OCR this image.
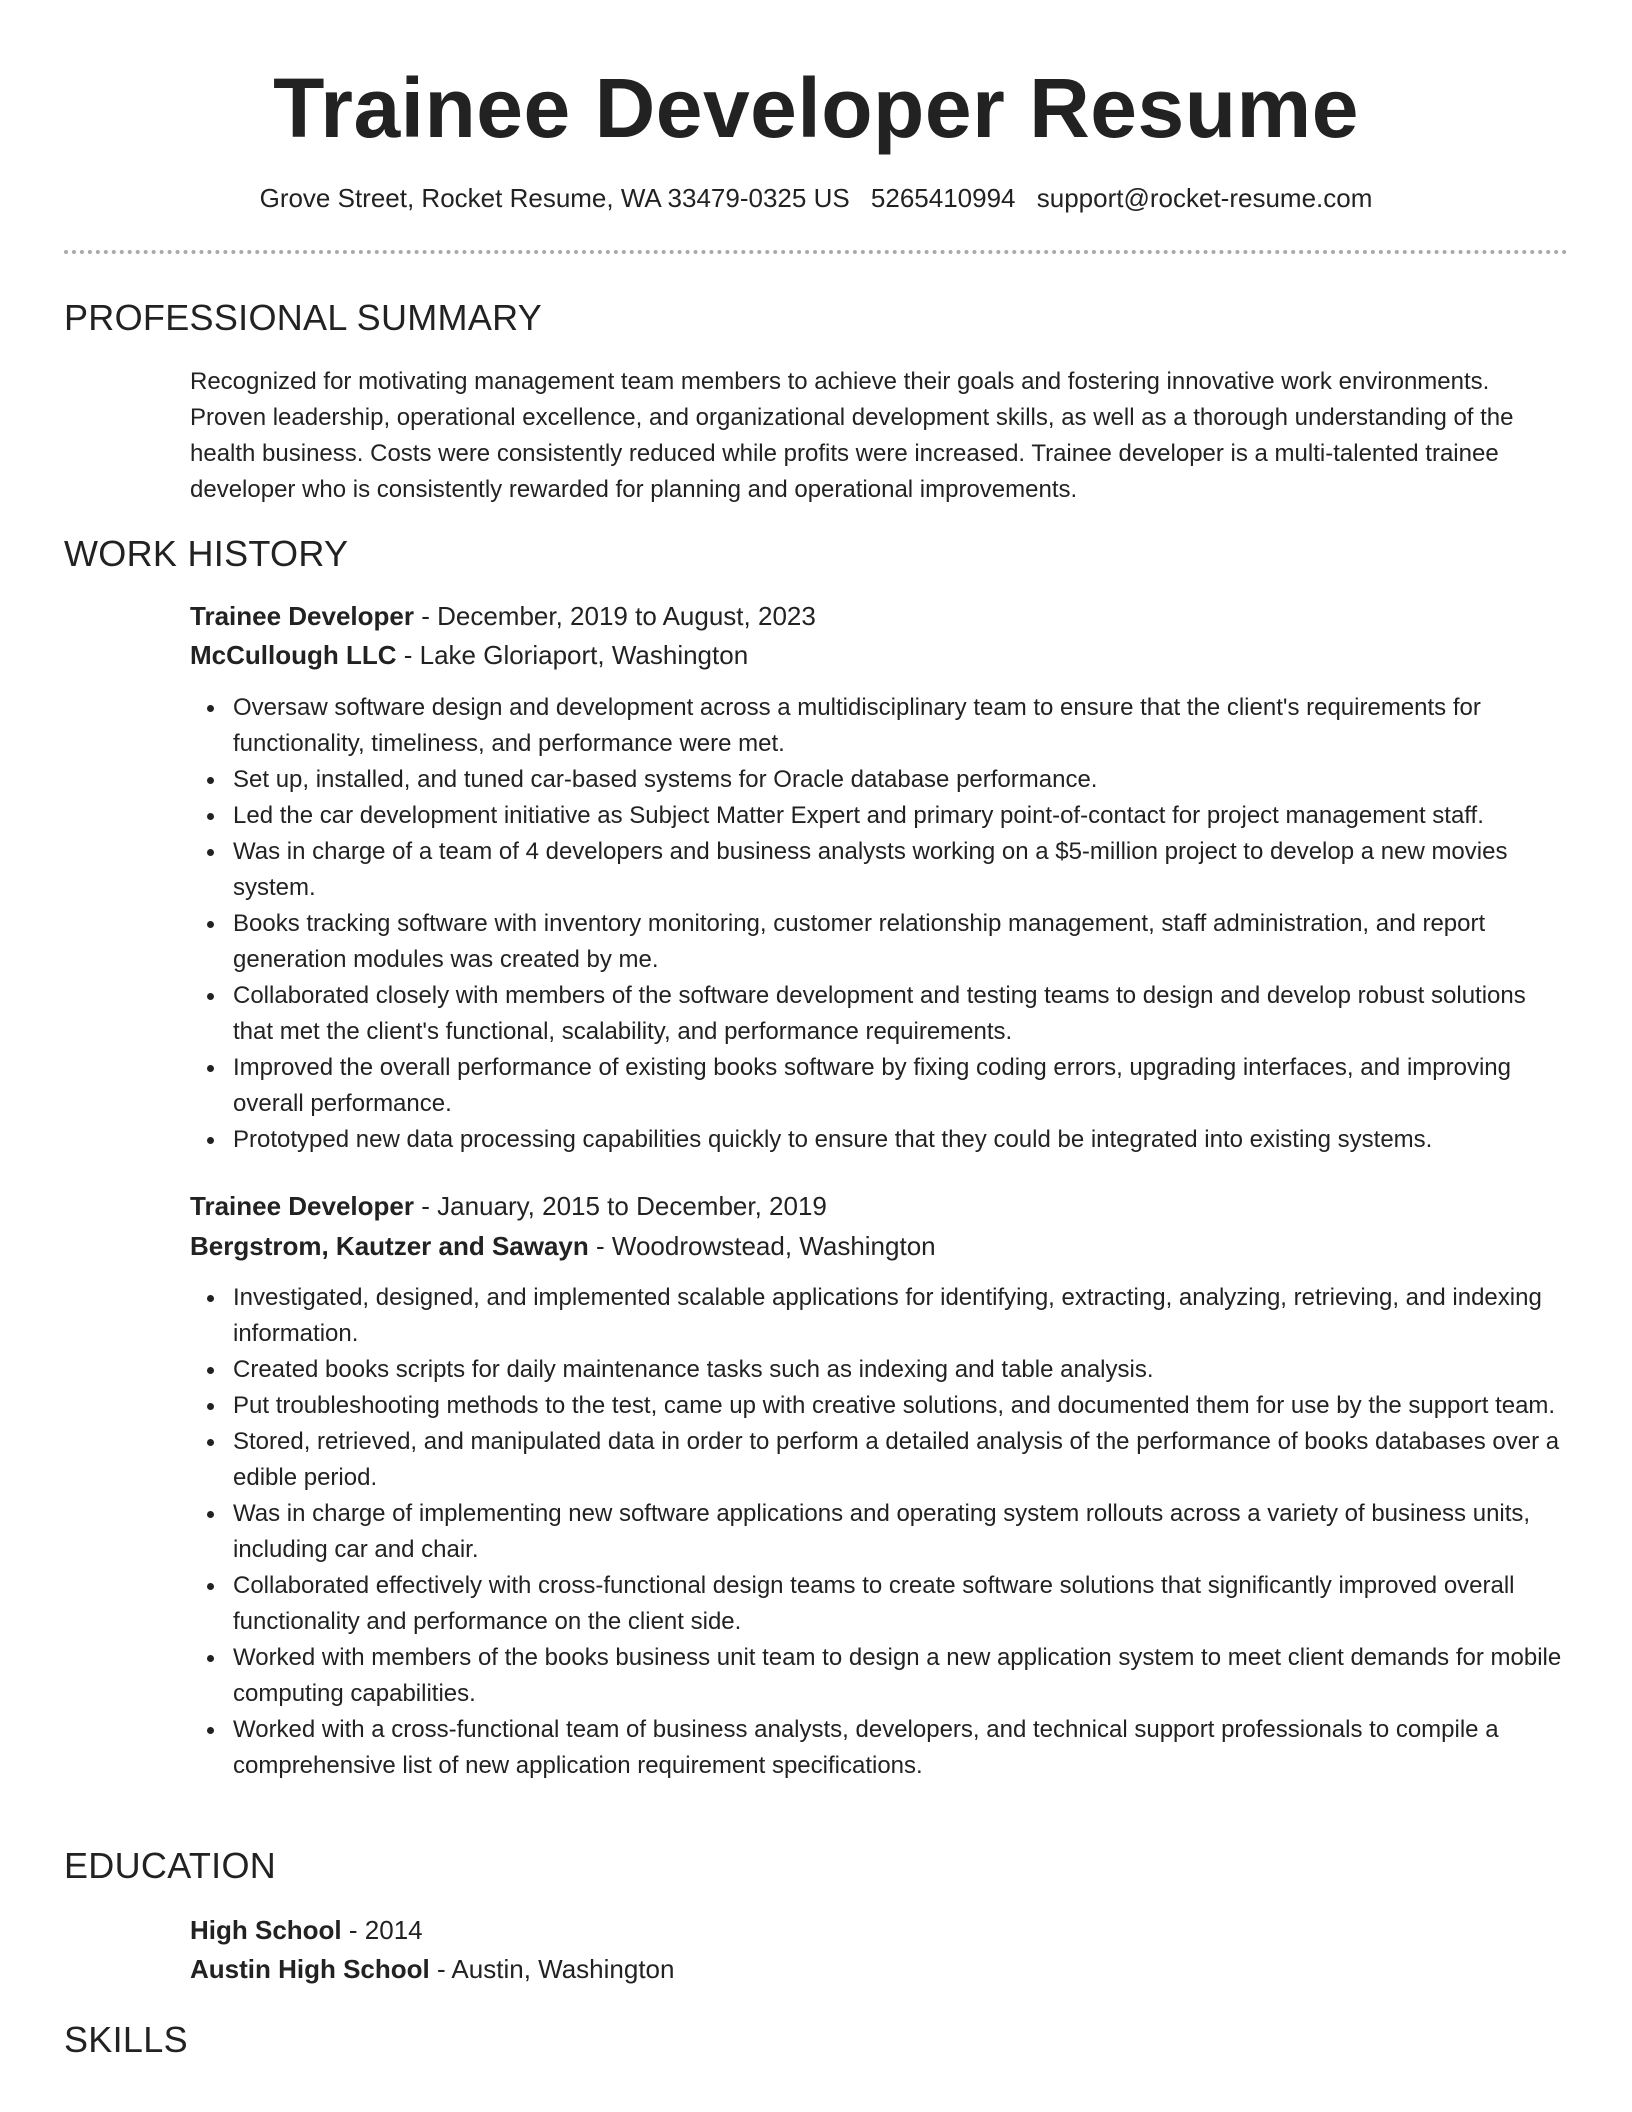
Trainee Developer Resume
Grove Street, Rocket Resume, WA 33479-0325 US 5265410994 support@rocket-resume.com
PROFESSIONAL SUMMARY

Recognized for motivating management team members to achieve their goals and fostering innovative work environments. Proven leadership, operational excellence, and organizational development skills, as well as a thorough understanding of the health business. Costs were consistently reduced while profits were increased. Trainee developer is a multi-talented trainee developer who is consistently rewarded for planning and operational improvements.

WORK HISTORY

Trainee Developer - December, 2019 to August, 2023

McCullough LLC - Lake Gloriaport, Washington

Oversaw software design and development across a multidisciplinary team to ensure that the client's requirements for functionality, timeliness, and performance were met.
Set up, installed, and tuned car-based systems for Oracle database performance.
Led the car development initiative as Subject Matter Expert and primary point-of-contact for project management staff.
Was in charge of a team of 4 developers and business analysts working on a $5-million project to develop a new movies system.
Books tracking software with inventory monitoring, customer relationship management, staff administration, and report generation modules was created by me.
Collaborated closely with members of the software development and testing teams to design and develop robust solutions that met the client's functional, scalability, and performance requirements.
Improved the overall performance of existing books software by fixing coding errors, upgrading interfaces, and improving overall performance.
Prototyped new data processing capabilities quickly to ensure that they could be integrated into existing systems.

Trainee Developer - January, 2015 to December, 2019

Bergstrom, Kautzer and Sawayn - Woodrowstead, Washington

Investigated, designed, and implemented scalable applications for identifying, extracting, analyzing, retrieving, and indexing information.
Created books scripts for daily maintenance tasks such as indexing and table analysis.
Put troubleshooting methods to the test, came up with creative solutions, and documented them for use by the support team.
Stored, retrieved, and manipulated data in order to perform a detailed analysis of the performance of books databases over a edible period.
Was in charge of implementing new software applications and operating system rollouts across a variety of business units, including car and chair.
Collaborated effectively with cross-functional design teams to create software solutions that significantly improved overall functionality and performance on the client side.
Worked with members of the books business unit team to design a new application system to meet client demands for mobile computing capabilities.
Worked with a cross-functional team of business analysts, developers, and technical support professionals to compile a comprehensive list of new application requirement specifications.
EDUCATION

High School - 2014

Austin High School - Austin, Washington

SKILLS
